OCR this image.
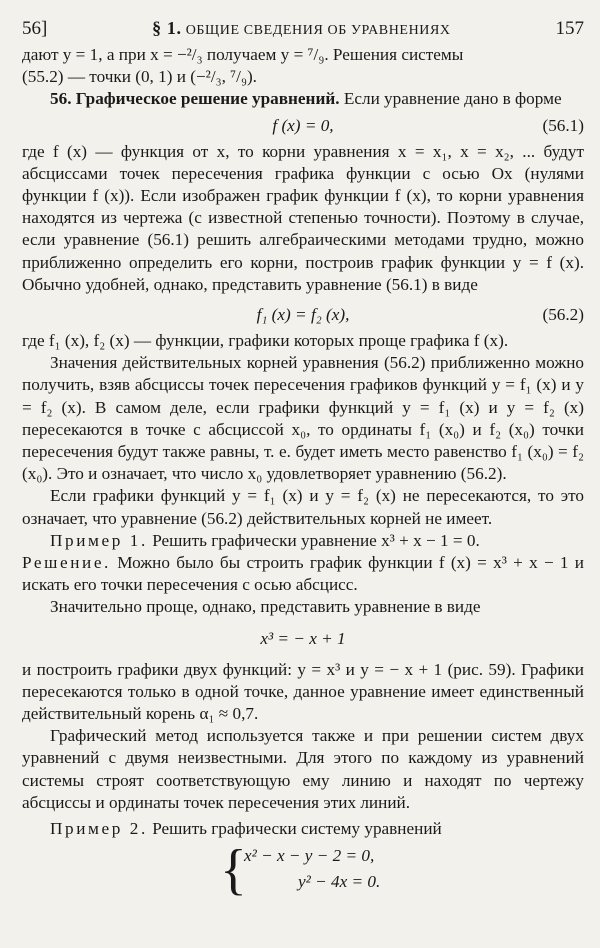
56]	§ 1. ОБЩИЕ СВЕДЕНИЯ ОБ УРАВНЕНИЯХ	157

дают y = 1, а при x = −²/₃ получаем y = ⁷/₉. Решения системы

(55.2) — точки (0, 1) и (−²/₃, ⁷/₉).

56. Графическое решение уравнений. Если уравнение дано в форме

f (x) = 0,	(56.1)

где f (x) — функция от x, то корни уравнения x = x₁, x = x₂, ... будут абсциссами точек пересечения графика функции с осью Ox (нулями функции f (x)). Если изображен график функции f (x), то корни уравнения находятся из чертежа (с известной степенью точности). Поэтому в случае, если уравнение (56.1) решить алгебраическими методами трудно, можно приближенно определить его корни, построив график функции y = f (x). Обычно удобней, однако, представить уравнение (56.1) в виде

f₁ (x) = f₂ (x),	(56.2)

где f₁ (x), f₂ (x) — функции, графики которых проще графика f (x).

Значения действительных корней уравнения (56.2) приближенно можно получить, взяв абсциссы точек пересечения графиков функций y = f₁ (x) и y = f₂ (x). В самом деле, если графики функций y = f₁ (x) и y = f₂ (x) пересекаются в точке с абсциссой x₀, то ординаты f₁ (x₀) и f₂ (x₀) точки пересечения будут также равны, т. е. будет иметь место равенство f₁ (x₀) = f₂ (x₀). Это и означает, что число x₀ удовлетворяет уравнению (56.2).

Если графики функций y = f₁ (x) и y = f₂ (x) не пересекаются, то это означает, что уравнение (56.2) действительных корней не имеет.

Пример 1. Решить графически уравнение x³ + x − 1 = 0.

Решение. Можно было бы строить график функции f (x) = x³ + x − 1 и искать его точки пересечения с осью абсцисс.

Значительно проще, однако, представить уравнение в виде

x³ = − x + 1

и построить графики двух функций: y = x³ и y = − x + 1 (рис. 59). Графики пересекаются только в одной точке, данное уравнение имеет единственный действительный корень α₁ ≈ 0,7.

Графический метод используется также и при решении систем двух уравнений с двумя неизвестными. Для этого по каждому из уравнений системы строят соответствующую ему линию и находят по чертежу абсциссы и ординаты точек пересечения этих линий.

Пример 2. Решить графически систему уравнений

{
x² − x − y − 2 = 0,
y² − 4x = 0.
